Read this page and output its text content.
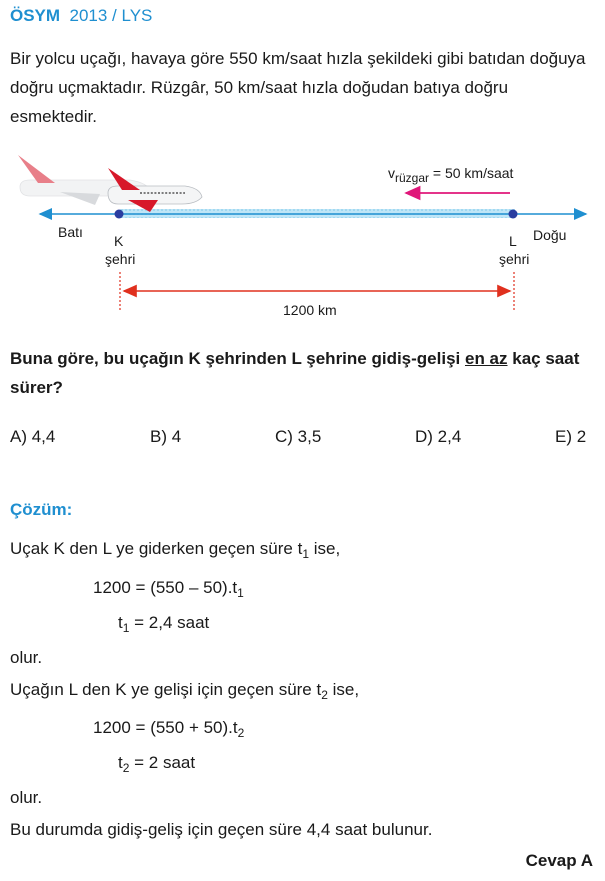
ÖSYM 2013 / LYS
Bir yolcu uçağı, havaya göre 550 km/saat hızla şekildeki gibi batıdan doğuya doğru uçmaktadır. Rüzgâr, 50 km/saat hızla doğudan batıya doğru esmektedir.
Batı	Doğu
K
şehri
L
şehri
$v_{rüzgar} = 50$ km/saat
1200 km
Buna göre, bu uçağın K şehrinden L şehrine gidiş-gelişi en az kaç saat sürer?
A) 4,4	B) 4	C) 3,5	D) 2,4	E) 2
Çözüm:
Uçak K den L ye giderken geçen süre $t_1$ ise,
$1200 = (550 - 50).t_1$
$t_1 = 2,4$ saat
olur.
Uçağın L den K ye gelişi için geçen süre $t_2$ ise,
$1200 = (550 + 50).t_2$
$t_2 = 2$ saat
olur.
Bu durumda gidiş-geliş için geçen süre 4,4 saat bulunur.
Cevap A
